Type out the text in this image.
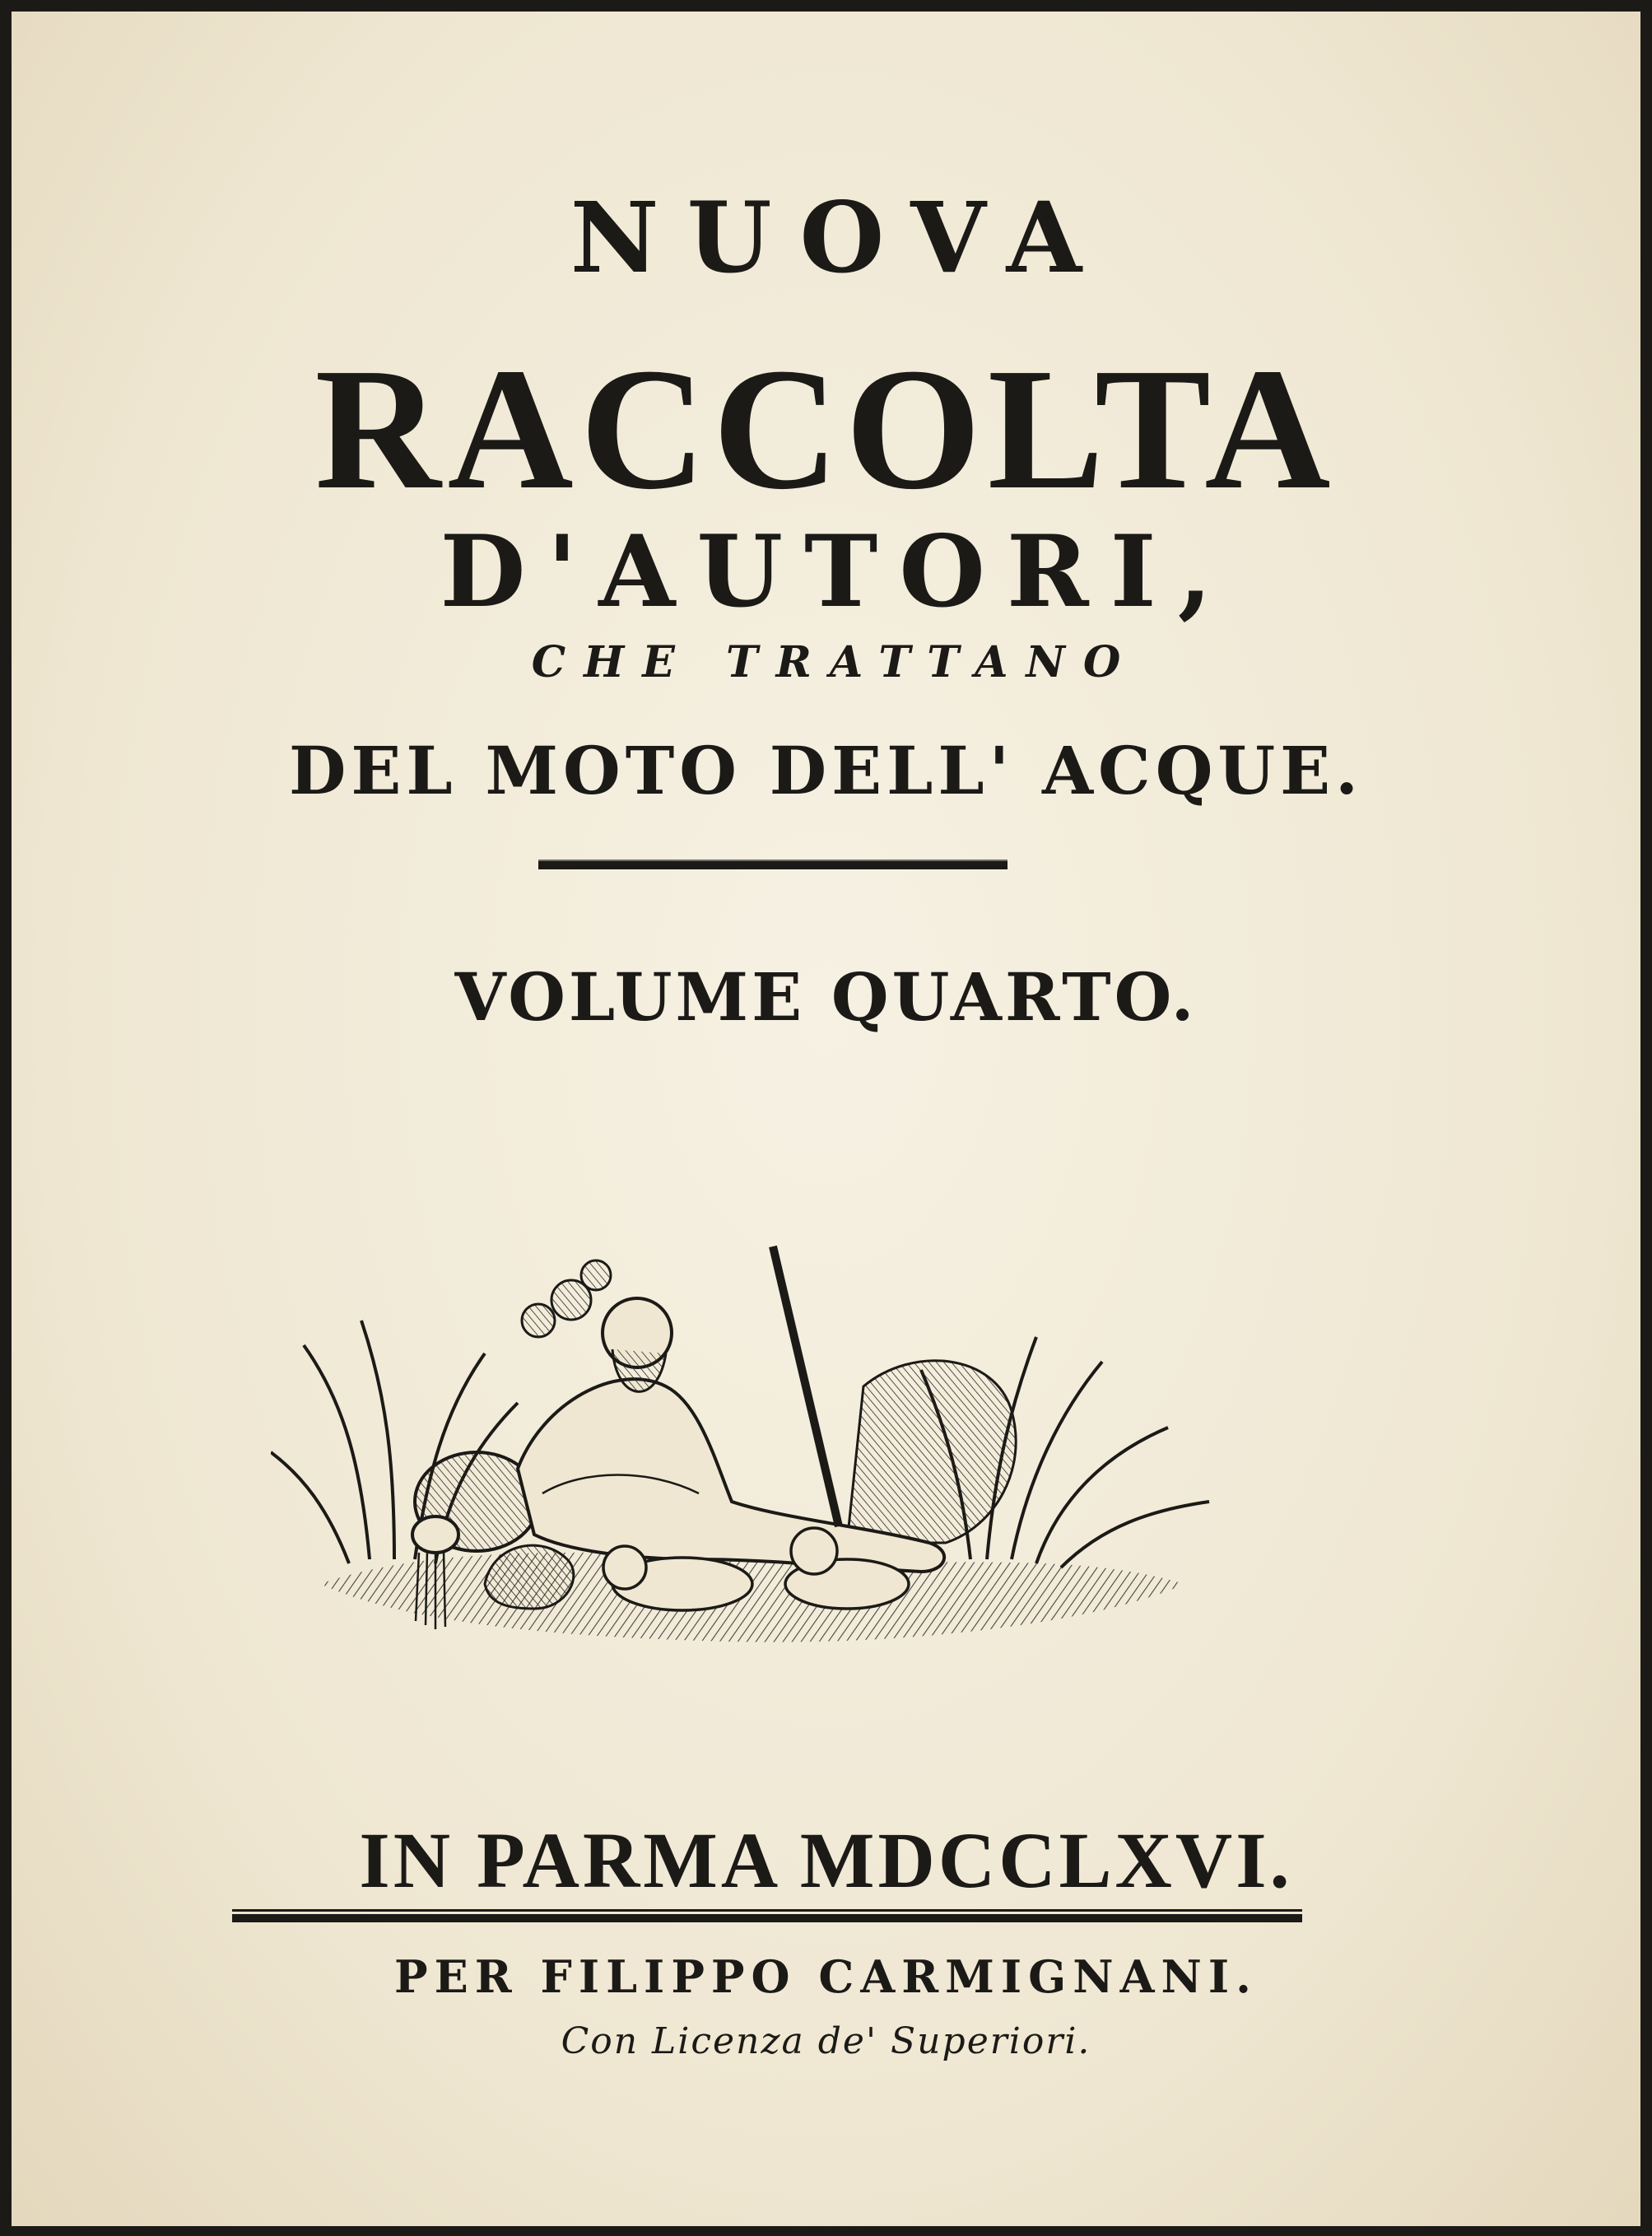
NUOVA
RACCOLTA
D'AUTORI,
CHE TRATTANO
DEL MOTO DELL' ACQUE.
VOLUME QUARTO.
IN PARMA MDCCLXVI.
PER FILIPPO CARMIGNANI.
Con Licenza de' Superiori.
